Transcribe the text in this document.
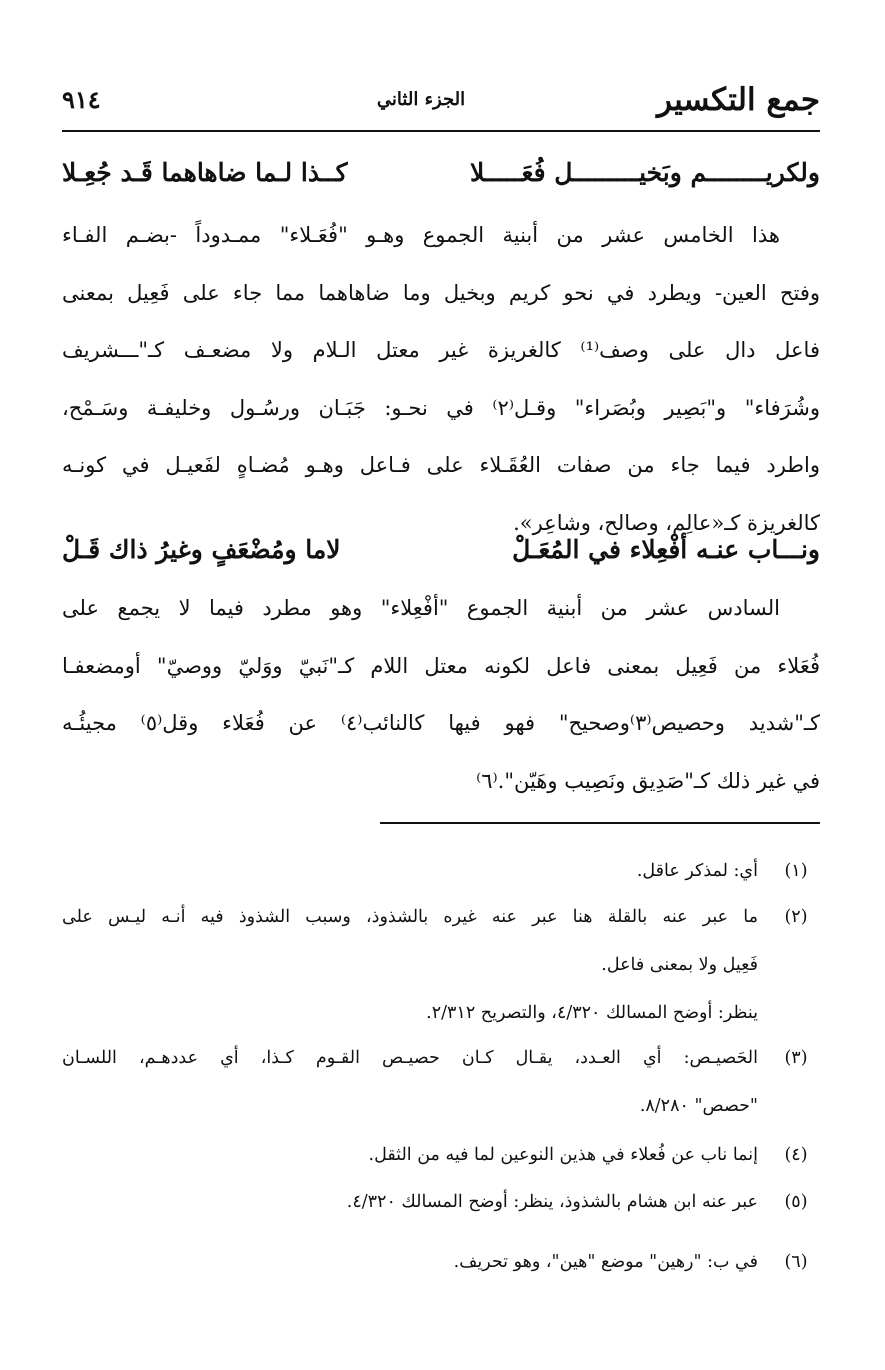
جمع التكسير
الجزء الثاني
٩١٤
ولكريــــــــم وبَخيـــــــــل فُعَـــــلا
كــذا لـما ضاهاهما قَـد جُعِـلا
هذا الخامس عشر من أبنية الجموع وهـو "فُعَـلاء" ممـدوداً -بضـم الفـاء
وفتح العين- ويطرد في نحو كريم وبخيل وما ضاهاهما مما جاء على فَعِيل بمعنى
فاعل دال على وصف⁽¹⁾ كالغريزة غير معتل الـلام ولا مضعـف كـ"ـــشريف
وشُرَفاء" و"بَصِير وبُصَراء" وقـل⁽٢⁾ في نحـو: جَبَـان ورسُـول وخليفـة وسَـمْح،
واطرد فيما جاء من صفات العُقَـلاء على فـاعل وهـو مُضـاهٍ لفَعيـل في كونـه
كالغريزة كـ«عالِم، وصالح، وشاعِر».
ونـــاب عنـه أفْعِلاء في المُعَـلْ
لاما ومُضْعَفٍ وغيرُ ذاك قَـلْ
السادس عشر من أبنية الجموع "أفْعِلاء" وهو مطرد فيما لا يجمع على
فُعَلاء من فَعِيل بمعنى فاعل لكونه معتل اللام كـ"نَبيّ ووَليّ ووصيّ" أومضعفـا
كـ"شديد وحصيص⁽٣⁾وصحيح" فهو فيها كالنائب⁽٤⁾ عن فُعَلاء وقل⁽٥⁾ مجيئُـه
في غير ذلك كـ"صَدِيق ونَصِيب وهَيّن".⁽٦⁾
(١)
أي: لمذكر عاقل.
(٢)
ما عبر عنه بالقلة هنا عبر عنه غيره بالشذوذ، وسبب الشذوذ فيه أنـه ليـس على
فَعِيل ولا بمعنى فاعل.
ينظر: أوضح المسالك ٤/٣٢٠، والتصريح ٢/٣١٢.
(٣)
الحَصيـص: أي العـدد، يقـال كـان حصيـص القـوم كـذا، أي عددهـم، اللسـان
"حصص" ٨/٢٨٠.
(٤)
إنما ناب عن فُعلاء في هذين النوعين لما فيه من الثقل.
(٥)
عبر عنه ابن هشام بالشذوذ، ينظر: أوضح المسالك ٤/٣٢٠.
(٦)
في ب: "رهين" موضع "هين"، وهو تحريف.
